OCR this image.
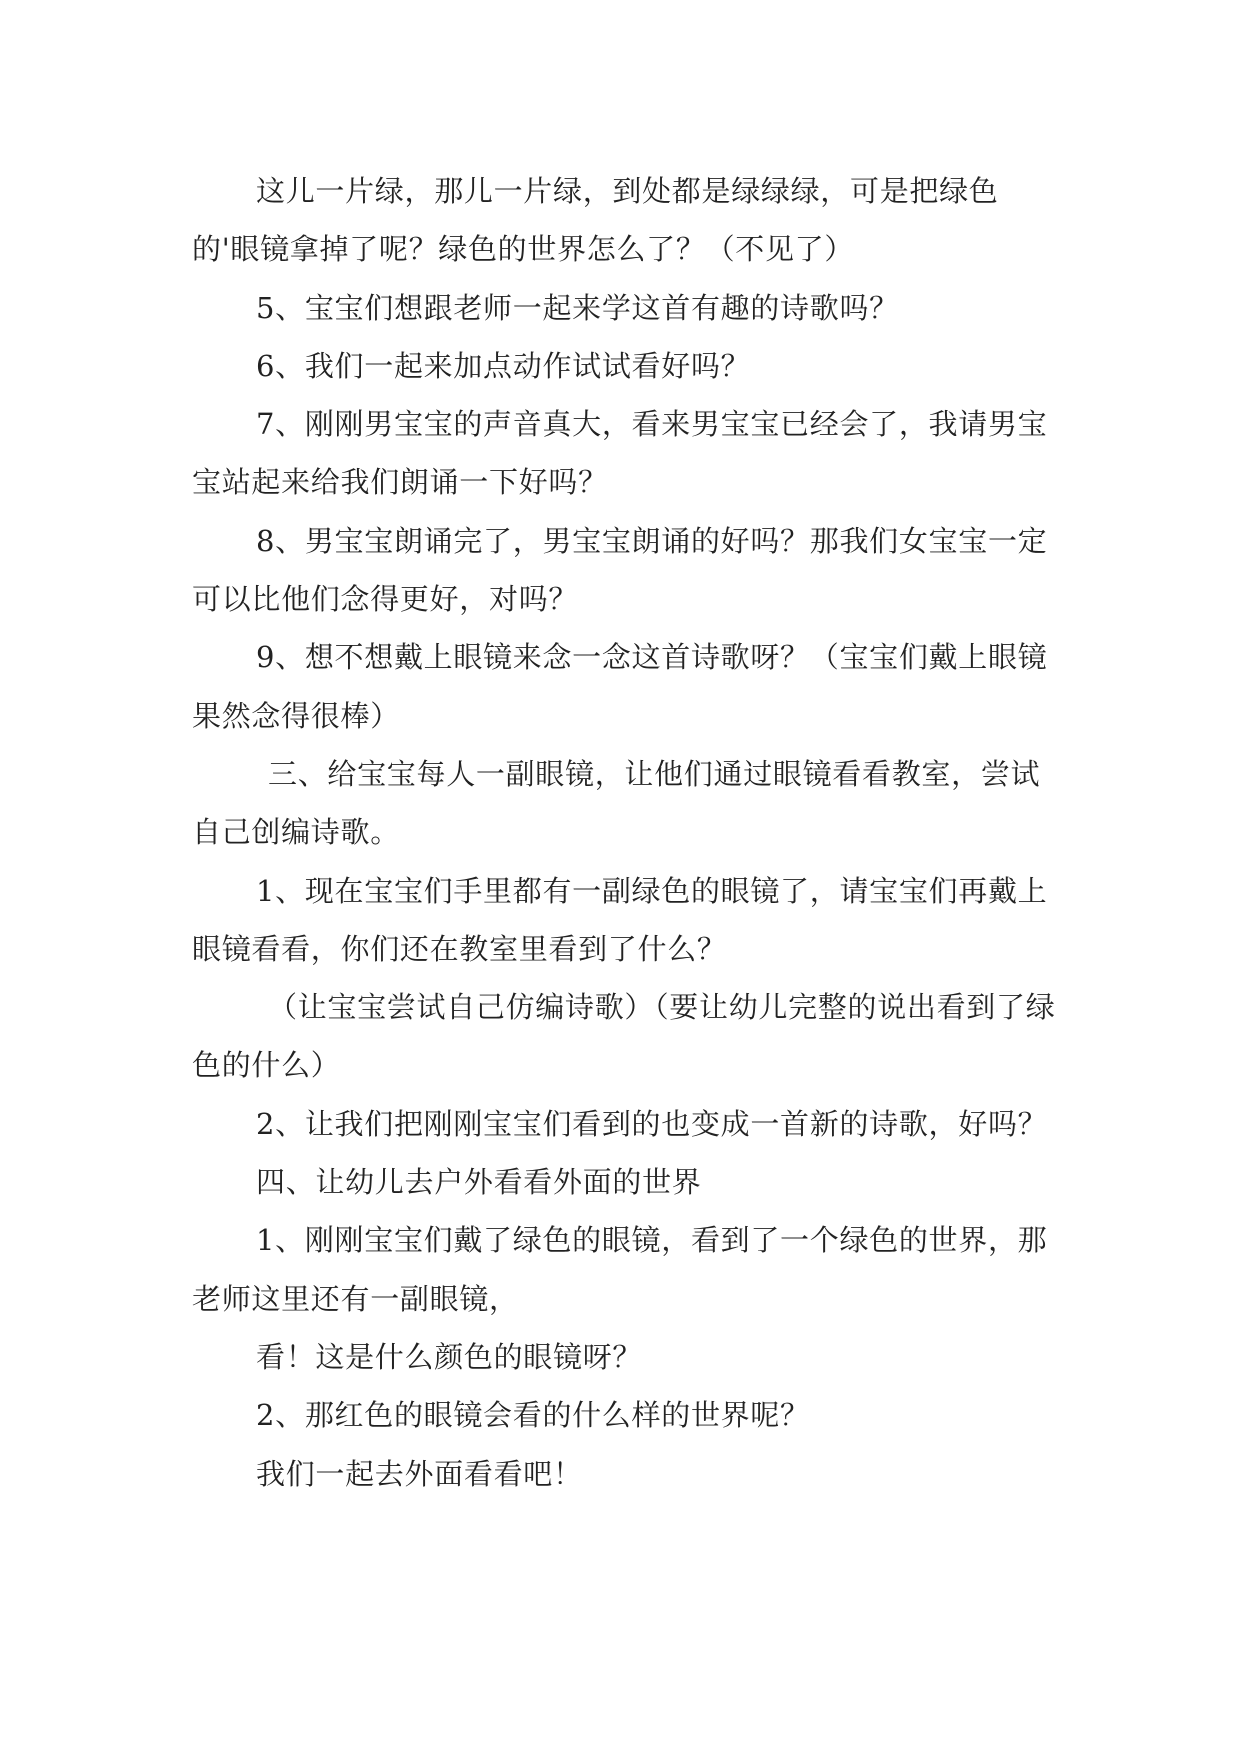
这儿一片绿，那儿一片绿，到处都是绿绿绿，可是把绿色的'眼镜拿掉了呢？绿色的世界怎么了？（不见了）

5、宝宝们想跟老师一起来学这首有趣的诗歌吗？

6、我们一起来加点动作试试看好吗？

7、刚刚男宝宝的声音真大，看来男宝宝已经会了，我请男宝宝站起来给我们朗诵一下好吗？

8、男宝宝朗诵完了，男宝宝朗诵的好吗？那我们女宝宝一定可以比他们念得更好，对吗？

9、想不想戴上眼镜来念一念这首诗歌呀？（宝宝们戴上眼镜果然念得很棒）

三、给宝宝每人一副眼镜，让他们通过眼镜看看教室，尝试自己创编诗歌。

1、现在宝宝们手里都有一副绿色的眼镜了，请宝宝们再戴上眼镜看看，你们还在教室里看到了什么？

（让宝宝尝试自己仿编诗歌）（要让幼儿完整的说出看到了绿色的什么）

2、让我们把刚刚宝宝们看到的也变成一首新的诗歌，好吗？

四、让幼儿去户外看看外面的世界

1、刚刚宝宝们戴了绿色的眼镜，看到了一个绿色的世界，那老师这里还有一副眼镜，

看！这是什么颜色的眼镜呀？

2、那红色的眼镜会看的什么样的世界呢？

我们一起去外面看看吧！
